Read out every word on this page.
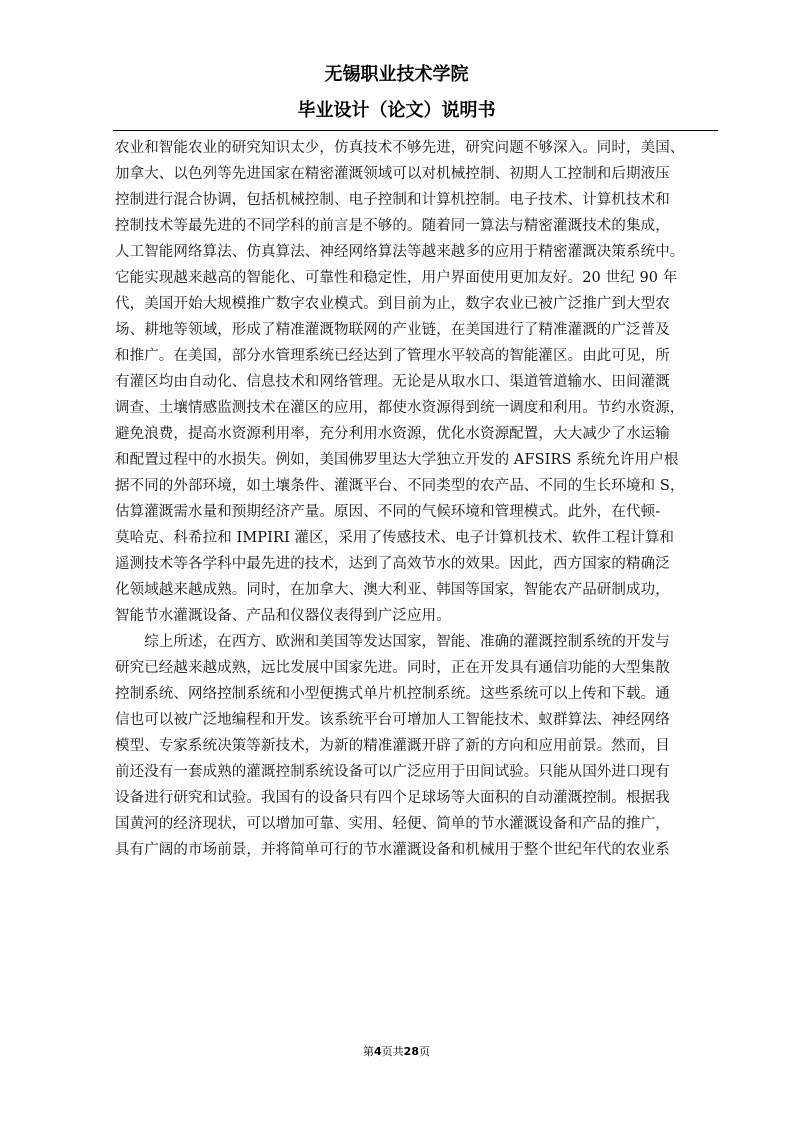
无锡职业技术学院
毕业设计（论文）说明书

农业和智能农业的研究知识太少，仿真技术不够先进，研究问题不够深入。同时，美国、

加拿大、以色列等先进国家在精密灌溉领域可以对机械控制、初期人工控制和后期液压

控制进行混合协调，包括机械控制、电子控制和计算机控制。电子技术、计算机技术和

控制技术等最先进的不同学科的前言是不够的。随着同一算法与精密灌溉技术的集成，

人工智能网络算法、仿真算法、神经网络算法等越来越多的应用于精密灌溉决策系统中。

它能实现越来越高的智能化、可靠性和稳定性，用户界面使用更加友好。20 世纪 90 年

代，美国开始大规模推广数字农业模式。到目前为止，数字农业已被广泛推广到大型农

场、耕地等领域，形成了精准灌溉物联网的产业链，在美国进行了精准灌溉的广泛普及

和推广。在美国，部分水管理系统已经达到了管理水平较高的智能灌区。由此可见，所

有灌区均由自动化、信息技术和网络管理。无论是从取水口、渠道管道输水、田间灌溉

调查、土壤情感监测技术在灌区的应用，都使水资源得到统一调度和利用。节约水资源，

避免浪费，提高水资源利用率，充分利用水资源，优化水资源配置，大大减少了水运输

和配置过程中的水损失。例如，美国佛罗里达大学独立开发的 AFSIRS 系统允许用户根

据不同的外部环境，如土壤条件、灌溉平台、不同类型的农产品、不同的生长环境和 S，

估算灌溉需水量和预期经济产量。原因、不同的气候环境和管理模式。此外，在代顿-

莫哈克、科希拉和 IMPIRI 灌区，采用了传感技术、电子计算机技术、软件工程计算和

遥测技术等各学科中最先进的技术，达到了高效节水的效果。因此，西方国家的精确泛

化领域越来越成熟。同时，在加拿大、澳大利亚、韩国等国家，智能农产品研制成功，

智能节水灌溉设备、产品和仪器仪表得到广泛应用。

　　综上所述，在西方、欧洲和美国等发达国家，智能、准确的灌溉控制系统的开发与

研究已经越来越成熟，远比发展中国家先进。同时，正在开发具有通信功能的大型集散

控制系统、网络控制系统和小型便携式单片机控制系统。这些系统可以上传和下载。通

信也可以被广泛地编程和开发。该系统平台可增加人工智能技术、蚁群算法、神经网络

模型、专家系统决策等新技术，为新的精准灌溉开辟了新的方向和应用前景。然而，目

前还没有一套成熟的灌溉控制系统设备可以广泛应用于田间试验。只能从国外进口现有

设备进行研究和试验。我国有的设备只有四个足球场等大面积的自动灌溉控制。根据我

国黄河的经济现状，可以增加可靠、实用、轻便、简单的节水灌溉设备和产品的推广，

具有广阔的市场前景，并将简单可行的节水灌溉设备和机械用于整个世纪年代的农业系

第4页共28页
